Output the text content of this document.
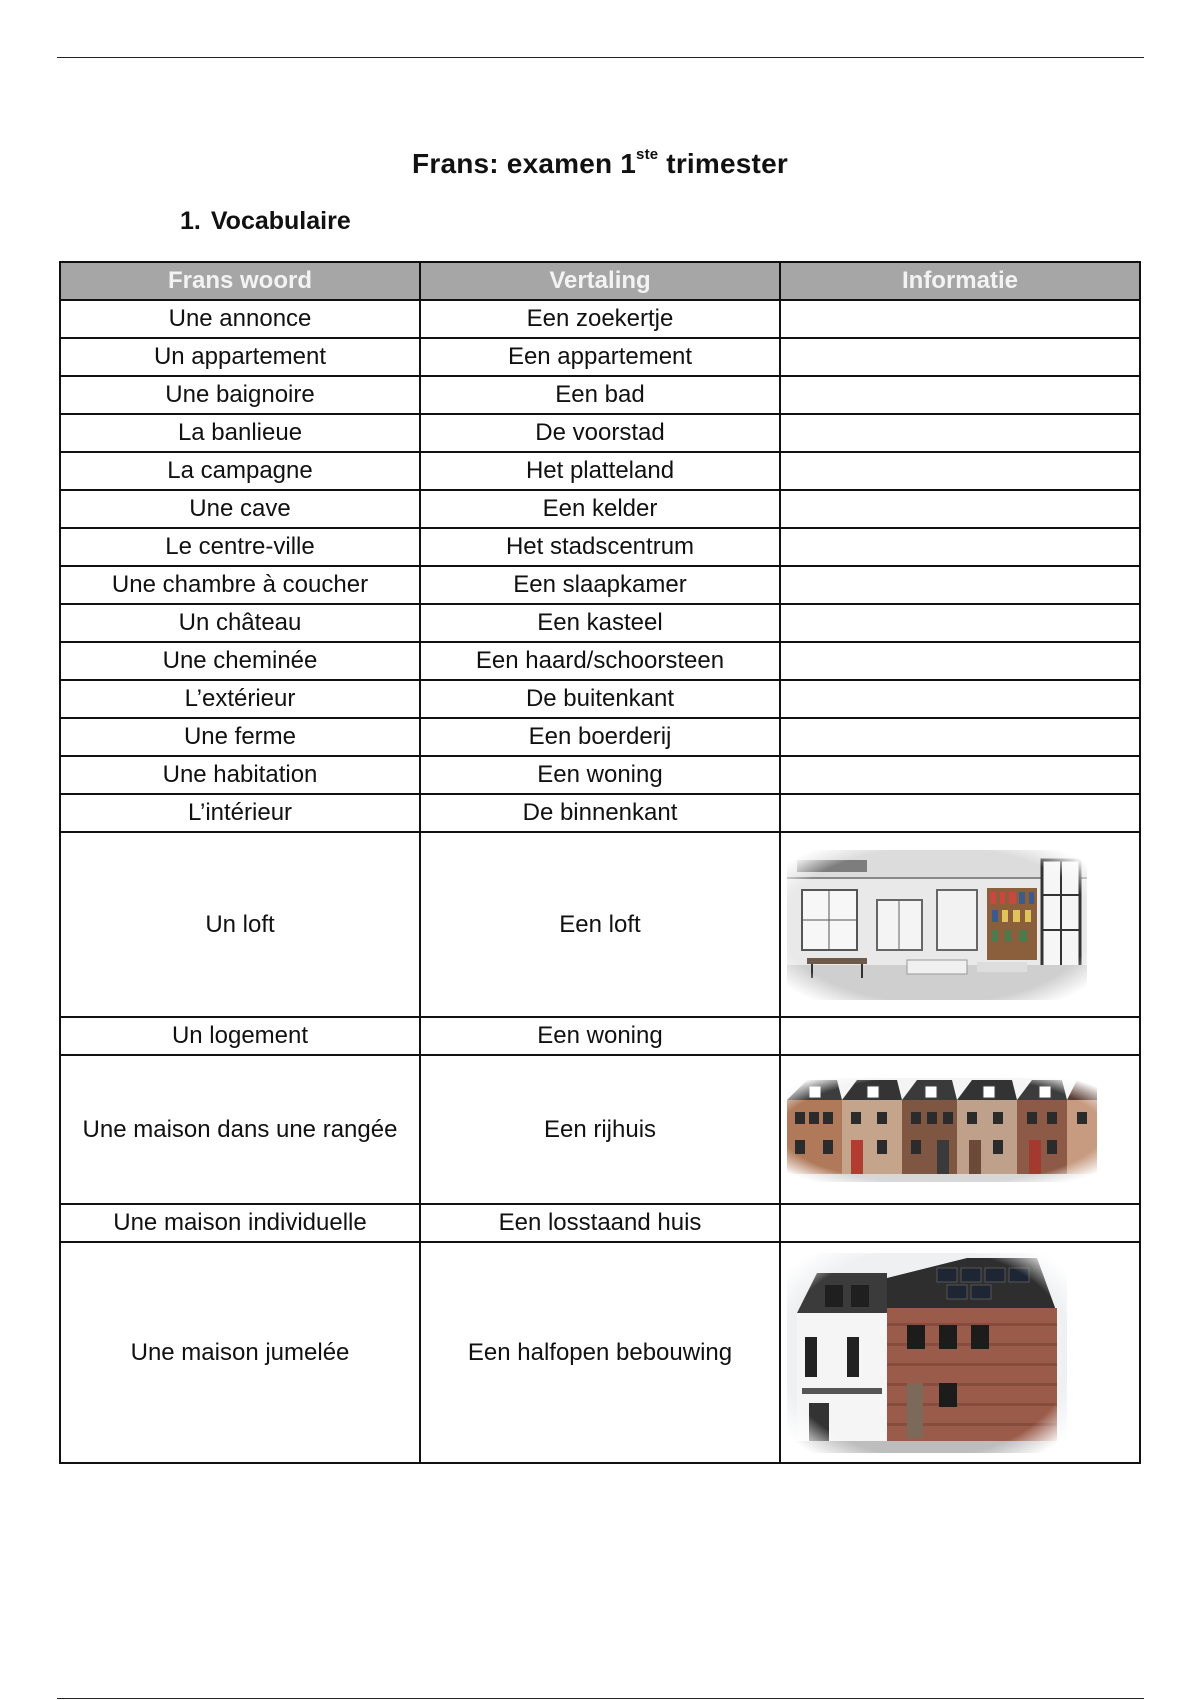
Frans: examen 1ste trimester
1. Vocabulaire
Frans woord	Vertaling	Informatie
Une annonce	Een zoekertje	
Un appartement	Een appartement	
Une baignoire	Een bad	
La banlieue	De voorstad	
La campagne	Het platteland	
Une cave	Een kelder	
Le centre-ville	Het stadscentrum	
Une chambre à coucher	Een slaapkamer	
Un château	Een kasteel	
Une cheminée	Een haard/schoorsteen	
L’extérieur	De buitenkant	
Une ferme	Een boerderij	
Une habitation	Een woning	
L’intérieur	De binnenkant	
Un loft	Een loft	

Un logement	Een woning	
Une maison dans une rangée	Een rijhuis	

Une maison individuelle	Een losstaand huis	
Une maison jumelée	Een halfopen bebouwing	
